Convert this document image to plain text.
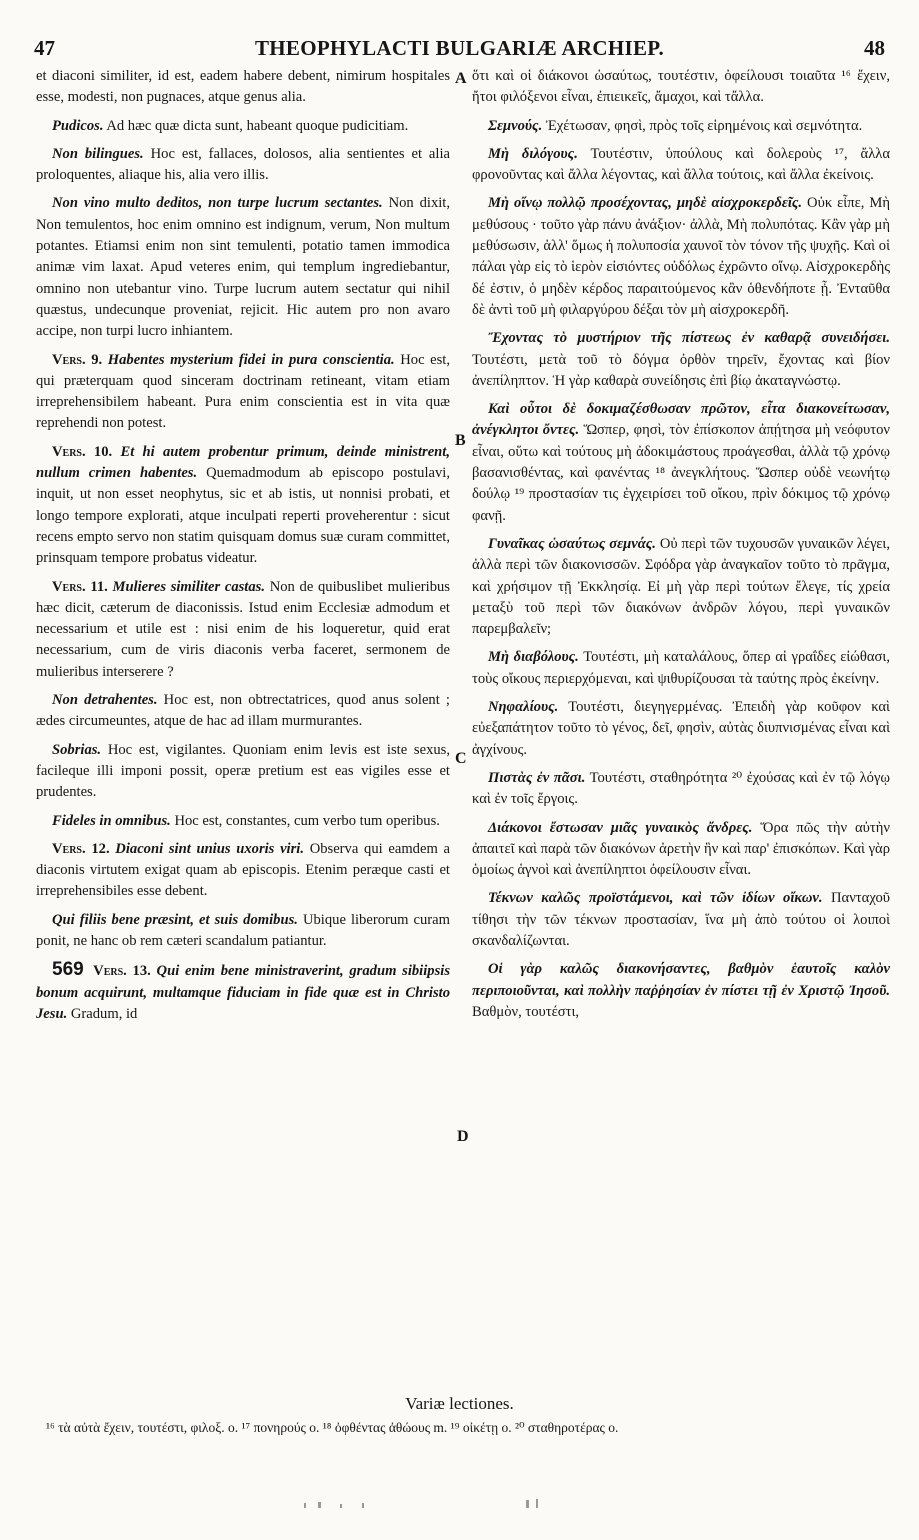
47	THEOPHYLACTI BULGARIÆ ARCHIEP.	48

et diaconi similiter, id est, eadem habere debent, nimirum hospitales esse, modesti, non pugnaces, atque genus alia.

Pudicos. Ad hæc quæ dicta sunt, habeant quoque pudicitiam.

Non bilingues. Hoc est, fallaces, dolosos, alia sentientes et alia proloquentes, aliaque his, alia vero illis.

Non vino multo deditos, non turpe lucrum sectantes. Non dixit, Non temulentos, hoc enim omnino est indignum, verum, Non multum potantes. Etiamsi enim non sint temulenti, potatio tamen immodica animæ vim laxat. Apud veteres enim, qui templum ingrediebantur, omnino non utebantur vino. Turpe lucrum autem sectatur qui nihil quæstus, undecunque proveniat, rejicit. Hic autem pro non avaro accipe, non turpi lucro inhiantem.

Vers. 9. Habentes mysterium fidei in pura conscientia. Hoc est, qui præterquam quod sinceram doctrinam retineant, vitam etiam irreprehensibilem habeant. Pura enim conscientia est in vita quæ reprehendi non potest.

Vers. 10. Et hi autem probentur primum, deinde ministrent, nullum crimen habentes. Quemadmodum ab episcopo postulavi, inquit, ut non esset neophytus, sic et ab istis, ut nonnisi probati, et longo tempore explorati, atque inculpati reperti proveherentur : sicut recens empto servo non statim quisquam domus suæ curam committet, prinsquam tempore probatus videatur.

Vers. 11. Mulieres similiter castas. Non de quibuslibet mulieribus hæc dicit, cæterum de diaconissis. Istud enim Ecclesiæ admodum et necessarium et utile est : nisi enim de his loqueretur, quid erat necessarium, cum de viris diaconis verba faceret, sermonem de mulieribus interserere ?

Non detrahentes. Hoc est, non obtrectatrices, quod anus solent ; ædes circumeuntes, atque de hac ad illam murmurantes.

Sobrias. Hoc est, vigilantes. Quoniam enim levis est iste sexus, facileque illi imponi possit, operæ pretium est eas vigiles esse et prudentes.

Fideles in omnibus. Hoc est, constantes, cum verbo tum operibus.

Vers. 12. Diaconi sint unius uxoris viri. Observa qui eamdem a diaconis virtutem exigat quam ab episcopis. Etenim peræque casti et irreprehensibiles esse debent.

Qui filiis bene præsint, et suis domibus. Ubique liberorum curam ponit, ne hanc ob rem cæteri scandalum patiantur.

569 Vers. 13. Qui enim bene ministraverint, gradum sibiipsis bonum acquirunt, multamque fiduciam in fide quæ est in Christo Jesu. Gradum, id

ὅτι καὶ οἱ διάκονοι ὡσαύτως, τουτέστιν, ὀφείλουσι τοιαῦτα ¹⁶ ἔχειν, ἤτοι φιλόξενοι εἶναι, ἐπιεικεῖς, ἄμαχοι, καὶ τἄλλα.

Σεμνούς. Ἐχέτωσαν, φησὶ, πρὸς τοῖς εἰρημένοις καὶ σεμνότητα.

Μὴ διλόγους. Τουτέστιν, ὑπούλους καὶ δολεροὺς ¹⁷, ἄλλα φρονοῦντας καὶ ἄλλα λέγοντας, καὶ ἄλλα τούτοις, καὶ ἄλλα ἐκείνοις.

Μὴ οἴνῳ πολλῷ προσέχοντας, μηδὲ αἰσχροκερδεῖς. Οὐκ εἶπε, Μὴ μεθύσους · τοῦτο γὰρ πάνυ ἀνάξιον· ἀλλὰ, Μὴ πολυπότας. Κἂν γὰρ μὴ μεθύσωσιν, ἀλλ' ὅμως ἡ πολυποσία χαυνοῖ τὸν τόνον τῆς ψυχῆς. Καὶ οἱ πάλαι γὰρ εἰς τὸ ἱερὸν εἰσιόντες οὐδόλως ἐχρῶντο οἴνῳ. Αἰσχροκερδὴς δέ ἐστιν, ὁ μηδὲν κέρδος παραιτούμενος κἂν ὁθενδήποτε ᾖ. Ἐνταῦθα δὲ ἀντὶ τοῦ μὴ φιλαργύρου δέξαι τὸν μὴ αἰσχροκερδῆ.

Ἔχοντας τὸ μυστήριον τῆς πίστεως ἐν καθαρᾷ συνειδήσει. Τουτέστι, μετὰ τοῦ τὸ δόγμα ὀρθὸν τηρεῖν, ἔχοντας καὶ βίον ἀνεπίληπτον. Ἡ γὰρ καθαρὰ συνείδησις ἐπὶ βίῳ ἀκαταγνώστῳ.

Καὶ οὗτοι δὲ δοκιμαζέσθωσαν πρῶτον, εἶτα διακονείτωσαν, ἀνέγκλητοι ὄντες. Ὥσπερ, φησὶ, τὸν ἐπίσκοπον ἀπῄτησα μὴ νεόφυτον εἶναι, οὕτω καὶ τούτους μὴ ἀδοκιμάστους προάγεσθαι, ἀλλὰ τῷ χρόνῳ βασανισθέντας, καὶ φανέντας ¹⁸ ἀνεγκλήτους. Ὥσπερ οὐδὲ νεωνήτῳ δούλῳ ¹⁹ προστασίαν τις ἐγχειρίσει τοῦ οἴκου, πρὶν δόκιμος τῷ χρόνῳ φανῇ.

Γυναῖκας ὡσαύτως σεμνάς. Οὐ περὶ τῶν τυχουσῶν γυναικῶν λέγει, ἀλλὰ περὶ τῶν διακονισσῶν. Σφόδρα γὰρ ἀναγκαῖον τοῦτο τὸ πρᾶγμα, καὶ χρήσιμον τῇ Ἐκκλησίᾳ. Εἰ μὴ γὰρ περὶ τούτων ἔλεγε, τίς χρεία μεταξὺ τοῦ περὶ τῶν διακόνων ἀνδρῶν λόγου, περὶ γυναικῶν παρεμβαλεῖν;

Μὴ διαβόλους. Τουτέστι, μὴ καταλάλους, ὅπερ αἱ γραΐδες εἰώθασι, τοὺς οἴκους περιερχόμεναι, καὶ ψιθυρίζουσαι τὰ ταύτης πρὸς ἐκείνην.

Νηφαλίους. Τουτέστι, διεγηγερμένας. Ἐπειδὴ γὰρ κοῦφον καὶ εὐεξαπάτητον τοῦτο τὸ γένος, δεῖ, φησὶν, αὐτὰς διυπνισμένας εἶναι καὶ ἀγχίνους.

Πιστὰς ἐν πᾶσι. Τουτέστι, σταθηρότητα ²⁰ ἐχούσας καὶ ἐν τῷ λόγῳ καὶ ἐν τοῖς ἔργοις.

Διάκονοι ἔστωσαν μιᾶς γυναικὸς ἄνδρες. Ὅρα πῶς τὴν αὐτὴν ἀπαιτεῖ καὶ παρὰ τῶν διακόνων ἀρετὴν ἣν καὶ παρ' ἐπισκόπων. Καὶ γὰρ ὁμοίως ἁγνοὶ καὶ ἀνεπίληπτοι ὀφείλουσιν εἶναι.

Τέκνων καλῶς προϊστάμενοι, καὶ τῶν ἰδίων οἴκων. Πανταχοῦ τίθησι τὴν τῶν τέκνων προστασίαν, ἵνα μὴ ἀπὸ τούτου οἱ λοιποὶ σκανδαλίζωνται.

Οἱ γὰρ καλῶς διακονήσαντες, βαθμὸν ἑαυτοῖς καλὸν περιποιοῦνται, καὶ πολλὴν παῤῥησίαν ἐν πίστει τῇ ἐν Χριστῷ Ἰησοῦ. Βαθμὸν, τουτέστι,

A
B
C
D
Variæ lectiones.
¹⁶ τὰ αὐτὰ ἔχειν, τουτέστι, φιλοξ. o. ¹⁷ πονηρούς o. ¹⁸ ὀφθέντας ἀθώους m. ¹⁹ οἰκέτῃ o. ²⁰ σταθηροτέρας o.
